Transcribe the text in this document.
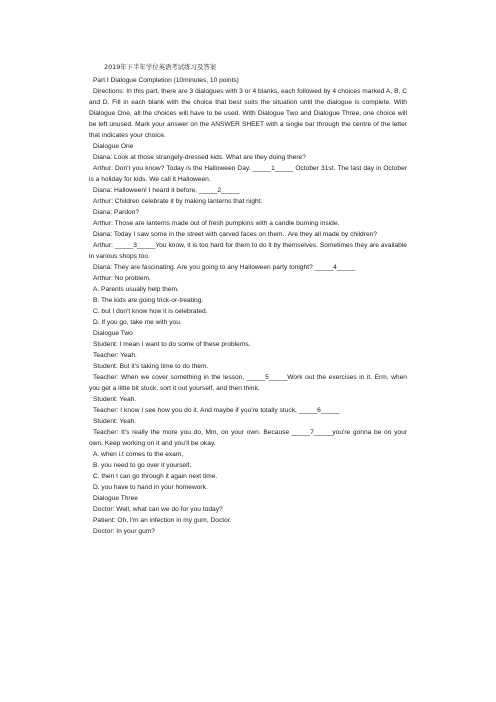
2019年下半年学位英语考试练习及答案

Part I Dialogue Completion (10minutes, 10 points)

Directions: In this part, there are 3 dialogues with 3 or 4 blanks, each followed by 4 choices marked A, B, C and D. Fill in each blank with the choice that best suits the situation until the dialogue is complete. With Dialogue One, all the choices will have to be used. With Dialogue Two and Dialogue Three, one choice will be left unused. Mark your answer on the ANSWER SHEET with a single bar through the centre of the letter that indicates your choice.

Dialogue One

Diana: Look at those strangely-dressed kids. What are they doing there?

Arthur: Don't you know? Today is the Halloween Day. _____1_____ October 31st. The last day in October is a holiday for kids. We call it Halloween.

Diana: Halloween! I heard it before, _____2_____

Arthur: Children celebrate it by making lanterns that night.

Diana: Pardon?

Arthur: Those are lanterns made out of fresh pumpkins with a candle burning inside.

Diana: Today I saw some in the street with carved faces on them.. Are they all made by children?

Arthur: _____3_____You know, it is too hard for them to do it by themselves. Sometimes they are available in various shops too.

Diana: They are fascinating. Are you going to any Halloween party tonight? _____4_____

Arthur: No problem.

A. Parents usually help them.

B. The kids are going trick-or-treating.

C. but I don't know how it is celebrated.

D. If you go, take me with you.

Dialogue Two

Student: I mean I want to do some of these problems.

Teacher: Yeah.

Student: But it's taking time to do them.

Teacher: When we cover something in the lesson, _____5_____Work out the exercises in it. Erm, when you get a little bit stuck, sort it out yourself, and then think.

Student: Yeah.

Teacher: I know I see how you do it. And maybe if you're totally stuck, _____6_____

Student: Yeah.

Teacher: It's really the more you do, Mm, on your own. Because _____7_____you're gonna be on your own. Keep working on it and you'll be okay.

A. when i.t comes to the exam,

B. you need to go over it yourself.

C. then I can go through it again next time.

D. you have to hand in your homework.

Dialogue Three

Doctor: Well, what can we do for you today?

Patient: Oh, I'm an infection in my gum, Doctor.

Doctor: In your gum?
